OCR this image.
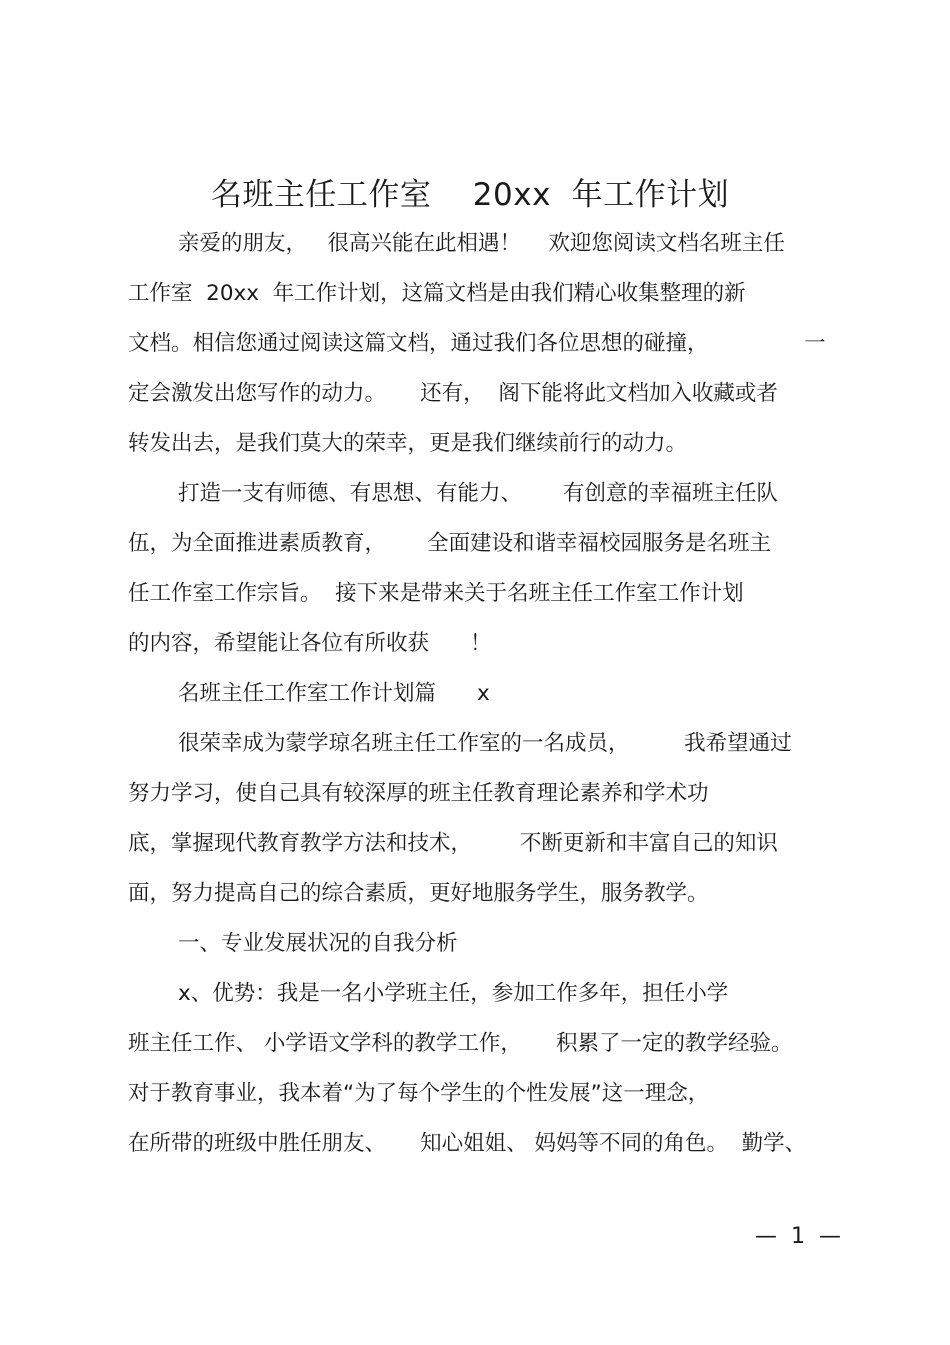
名班主任工作室    20xx  年工作计划
亲爱的朋友，   很高兴能在此相遇！    欢迎您阅读文档名班主任
工作室  20xx  年工作计划，这篇文档是由我们精心收集整理的新
文档。相信您通过阅读这篇文档，通过我们各位思想的碰撞，              一
定会激发出您写作的动力。     还有，  阁下能将此文档加入收藏或者
转发出去，是我们莫大的荣幸，更是我们继续前行的动力。
打造一支有师德、有思想、有能力、      有创意的幸福班主任队
伍，为全面推进素质教育，      全面建设和谐幸福校园服务是名班主
任工作室工作宗旨。  接下来是带来关于名班主任工作室工作计划
的内容，希望能让各位有所收获      ！
名班主任工作室工作计划篇      x
很荣幸成为蒙学琼名班主任工作室的一名成员，        我希望通过
努力学习，使自己具有较深厚的班主任教育理论素养和学术功
底，掌握现代教育教学方法和技术，       不断更新和丰富自己的知识
面，努力提高自己的综合素质，更好地服务学生，服务教学。
一、专业发展状况的自我分析
x、优势：我是一名小学班主任，参加工作多年，担任小学
班主任工作、 小学语文学科的教学工作，     积累了一定的教学经验。
对于教育事业，我本着“为了每个学生的个性发展”这一理念，
在所带的班级中胜任朋友、     知心姐姐、 妈妈等不同的角色。  勤学、
—  1  —
